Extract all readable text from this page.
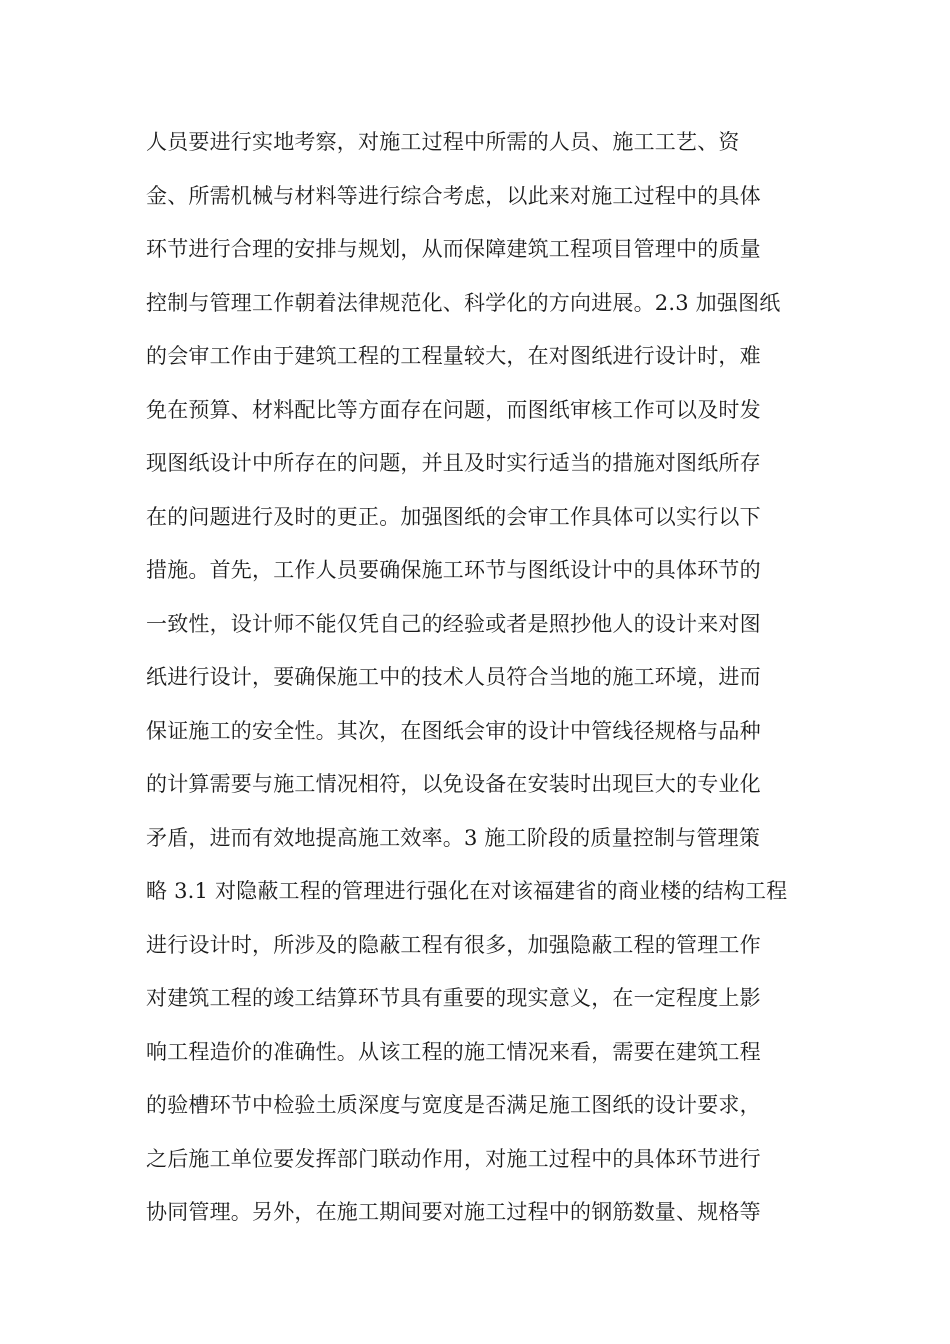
人员要进行实地考察，对施工过程中所需的人员、施工工艺、资
金、所需机械与材料等进行综合考虑，以此来对施工过程中的具体
环节进行合理的安排与规划，从而保障建筑工程项目管理中的质量
控制与管理工作朝着法律规范化、科学化的方向进展。2.3 加强图纸
的会审工作由于建筑工程的工程量较大，在对图纸进行设计时，难
免在预算、材料配比等方面存在问题，而图纸审核工作可以及时发
现图纸设计中所存在的问题，并且及时实行适当的措施对图纸所存
在的问题进行及时的更正。加强图纸的会审工作具体可以实行以下
措施。首先，工作人员要确保施工环节与图纸设计中的具体环节的
一致性，设计师不能仅凭自己的经验或者是照抄他人的设计来对图
纸进行设计，要确保施工中的技术人员符合当地的施工环境，进而
保证施工的安全性。其次，在图纸会审的设计中管线径规格与品种
的计算需要与施工情况相符，以免设备在安装时出现巨大的专业化
矛盾，进而有效地提高施工效率。3 施工阶段的质量控制与管理策
略 3.1 对隐蔽工程的管理进行强化在对该福建省的商业楼的结构工程
进行设计时，所涉及的隐蔽工程有很多，加强隐蔽工程的管理工作
对建筑工程的竣工结算环节具有重要的现实意义，在一定程度上影
响工程造价的准确性。从该工程的施工情况来看，需要在建筑工程
的验槽环节中检验土质深度与宽度是否满足施工图纸的设计要求，
之后施工单位要发挥部门联动作用，对施工过程中的具体环节进行
协同管理。另外，在施工期间要对施工过程中的钢筋数量、规格等
